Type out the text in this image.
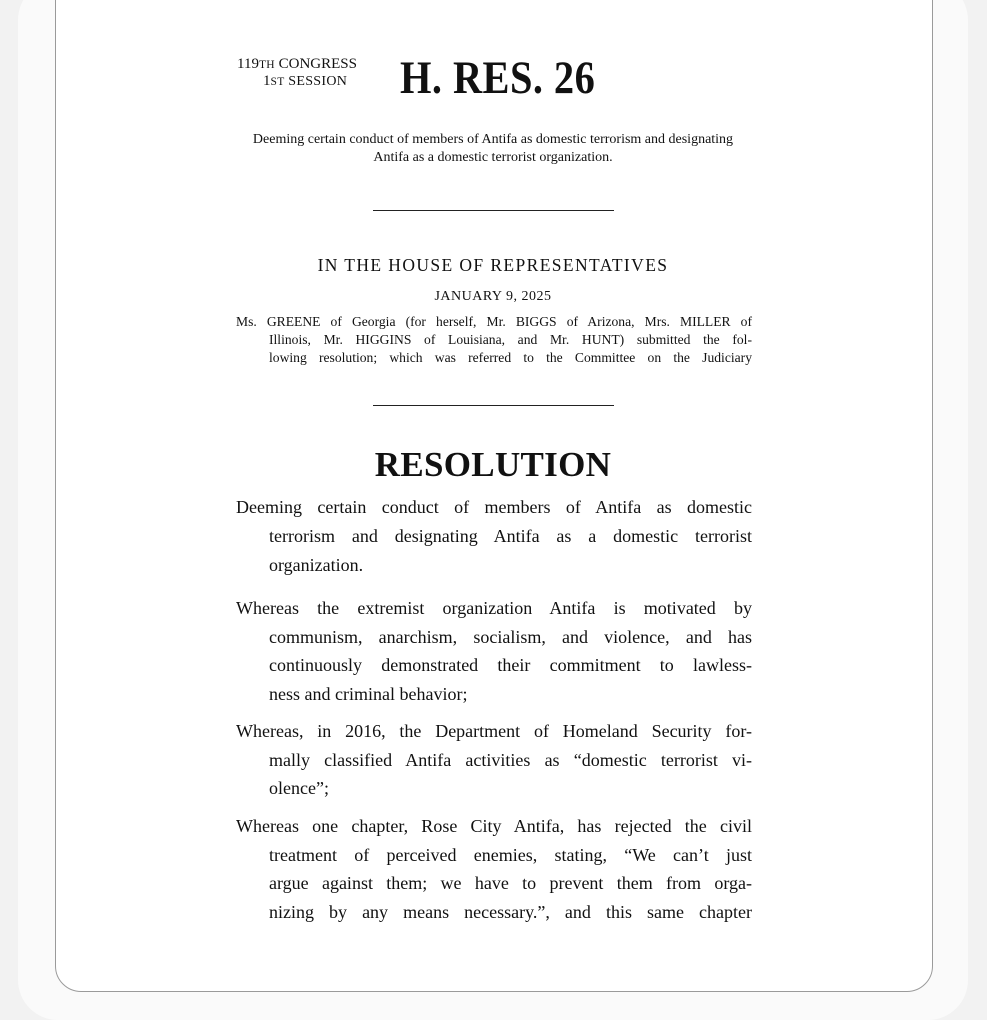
119TH CONGRESS
1ST SESSION H. RES. 26
Deeming certain conduct of members of Antifa as domestic terrorism and designating Antifa as a domestic terrorist organization.
IN THE HOUSE OF REPRESENTATIVES
JANUARY 9, 2025
Ms. GREENE of Georgia (for herself, Mr. BIGGS of Arizona, Mrs. MILLER of
Illinois, Mr. HIGGINS of Louisiana, and Mr. HUNT) submitted the fol-
lowing resolution; which was referred to the Committee on the Judiciary
RESOLUTION
Deeming certain conduct of members of Antifa as domestic
terrorism and designating Antifa as a domestic terrorist
organization.
Whereas the extremist organization Antifa is motivated by
communism, anarchism, socialism, and violence, and has
continuously demonstrated their commitment to lawless-
ness and criminal behavior;
Whereas, in 2016, the Department of Homeland Security for-
mally classified Antifa activities as “domestic terrorist vi-
olence”;
Whereas one chapter, Rose City Antifa, has rejected the civil
treatment of perceived enemies, stating, “We can’t just
argue against them; we have to prevent them from orga-
nizing by any means necessary.”, and this same chapter
